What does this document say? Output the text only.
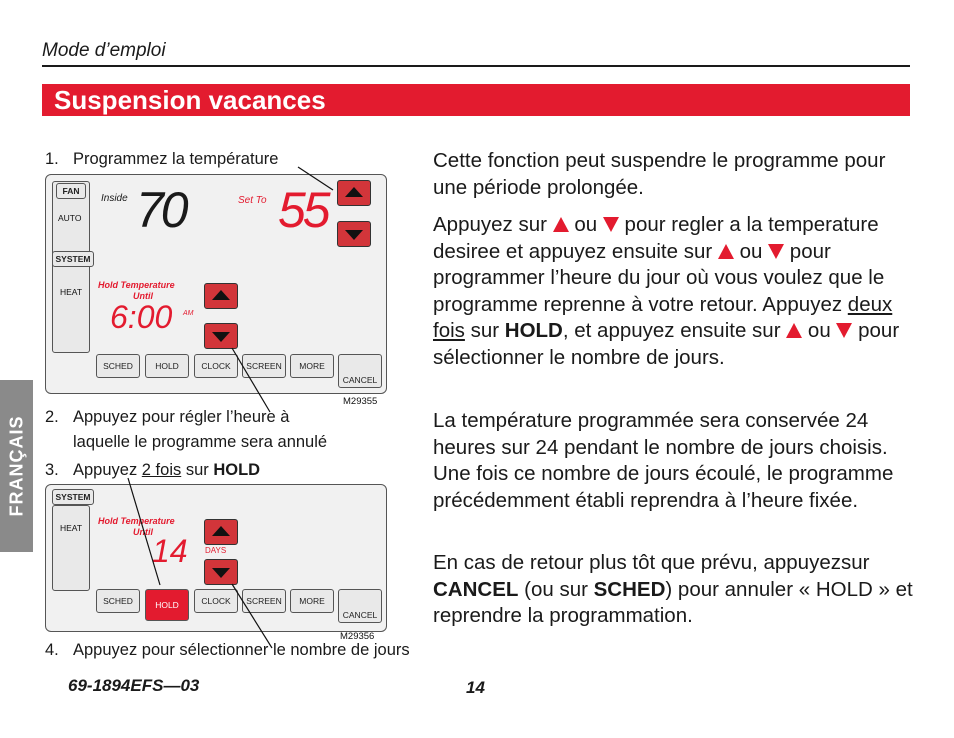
Mode d’emploi
Suspension vacances
FRANÇAIS
1. Programmez la température
FAN
AUTO
SYSTEM
HEAT
Inside 70	Set To 55
Hold Temperature
Until
6:00 AM
SCHED	HOLD	CLOCK	SCREEN	MORE
CANCEL
M29355
2. Appuyez pour régler l’heure à
laquelle le programme sera annulé
3. Appuyez 2 fois sur HOLD
SYSTEM
HEAT
Hold Temperature
Until
14 DAYS
SCHED	HOLD	CLOCK	SCREEN	MORE
CANCEL
M29356
4. Appuyez pour sélectionner le nombre de jours
Cette fonction peut suspendre le programme pour une période prolongée.
Appuyez sur  ou  pour regler a la temperature desiree et appuyez ensuite sur  ou  pour programmer l’heure du jour où vous voulez que le programme reprenne à votre retour. Appuyez deux fois sur HOLD, et appuyez ensuite sur  ou  pour sélectionner le nombre de jours.
La température programmée sera conservée 24 heures sur 24 pendant le nombre de jours choisis. Une fois ce nombre de jours écoulé, le programme précédemment établi reprendra à l’heure fixée.
En cas de retour plus tôt que prévu, appuyezsur CANCEL (ou sur SCHED) pour annuler « HOLD » et reprendre la programmation.
69-1894EFS—03	14
